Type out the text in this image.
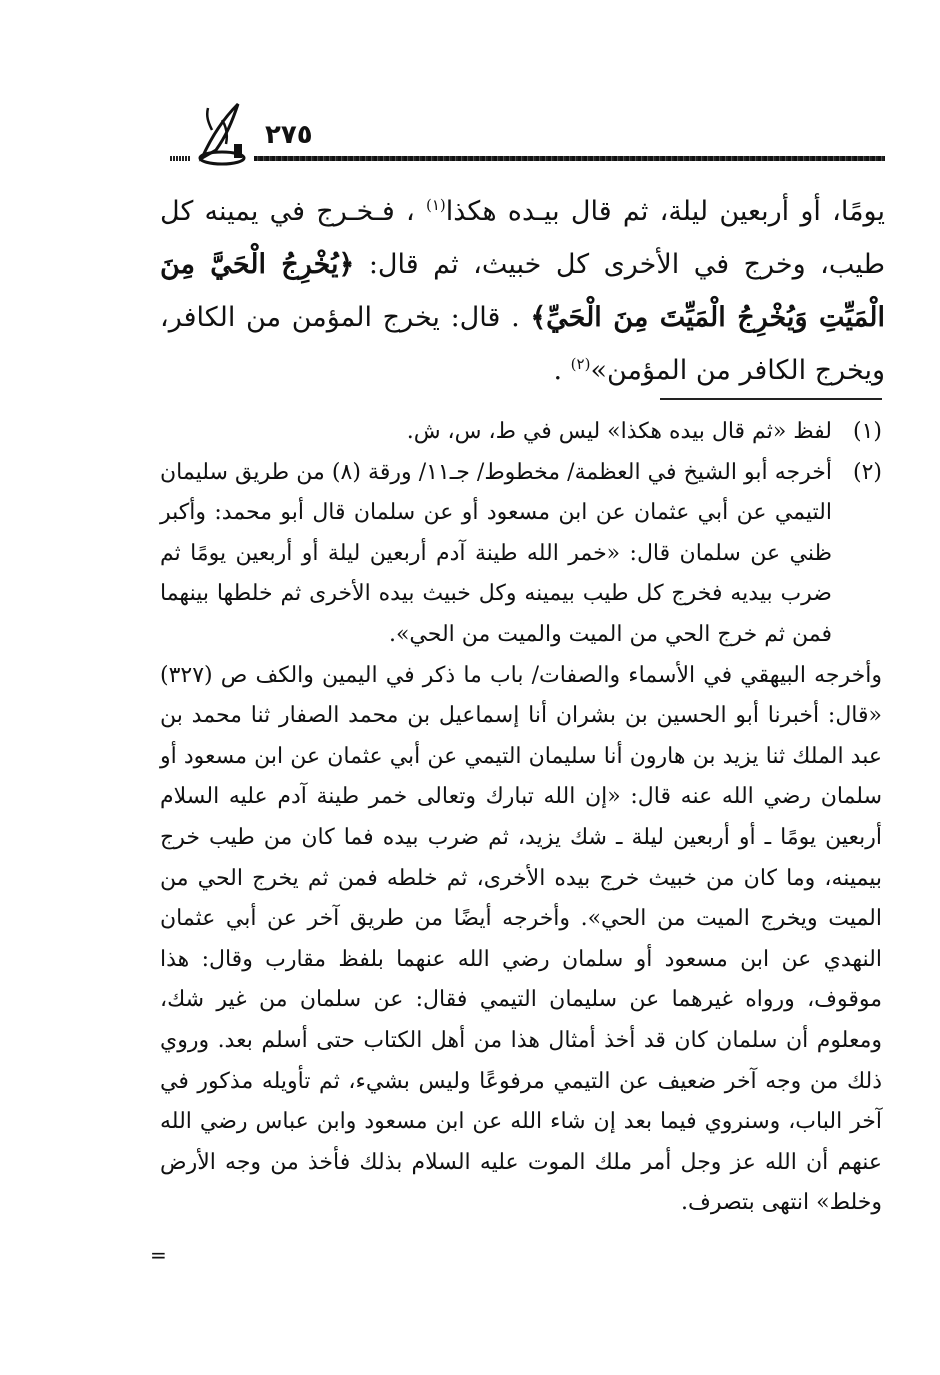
٢٧٥

يومًا، أو أربعين ليلة، ثم قال بيـده هكذا$^{(١)}$ ، فـخـرج في يمينه كل طيب، وخرج في الأخرى كل خبيث، ثم قال: ﴿يُخْرِجُ الْحَيَّ مِنَ الْمَيِّتِ وَيُخْرِجُ الْمَيِّتَ مِنَ الْحَيِّ﴾ . قال: يخرج المؤمن من الكافر، ويخرج الكافر من المؤمن»$^{(٢)}$ .

(١)
لفظ «ثم قال بيده هكذا» ليس في ط، س، ش.
(٢)
أخرجه أبو الشيخ في العظمة/ مخطوط/ جـ١١/ ورقة (٨) من طريق سليمان التيمي عن أبي عثمان عن ابن مسعود أو عن سلمان قال أبو محمد: وأكبر ظني عن سلمان قال: «خمر الله طينة آدم أربعين ليلة أو أربعين يومًا ثم ضرب بيديه فخرج كل طيب بيمينه وكل خبيث بيده الأخرى ثم خلطها بينهما فمن ثم خرج الحي من الميت والميت من الحي».

وأخرجه البيهقي في الأسماء والصفات/ باب ما ذكر في اليمين والكف ص (٣٢٧) «قال: أخبرنا أبو الحسين بن بشران أنا إسماعيل بن محمد الصفار ثنا محمد بن عبد الملك ثنا يزيد بن هارون أنا سليمان التيمي عن أبي عثمان عن ابن مسعود أو سلمان رضي الله عنه قال: «إن الله تبارك وتعالى خمر طينة آدم عليه السلام أربعين يومًا ـ أو أربعين ليلة ـ شك يزيد، ثم ضرب بيده فما كان من طيب خرج بيمينه، وما كان من خبيث خرج بيده الأخرى، ثم خلطه فمن ثم يخرج الحي من الميت ويخرج الميت من الحي». وأخرجه أيضًا من طريق آخر عن أبي عثمان النهدي عن ابن مسعود أو سلمان رضي الله عنهما بلفظ مقارب وقال: هذا موقوف، ورواه غيرهما عن سليمان التيمي فقال: عن سلمان من غير شك، ومعلوم أن سلمان كان قد أخذ أمثال هذا من أهل الكتاب حتى أسلم بعد. وروي ذلك من وجه آخر ضعيف عن التيمي مرفوعًا وليس بشيء، ثم تأويله مذكور في آخر الباب، وسنروي فيما بعد إن شاء الله عن ابن مسعود وابن عباس رضي الله عنهم أن الله عز وجل أمر ملك الموت عليه السلام بذلك فأخذ من وجه الأرض وخلط» انتهى بتصرف.

=
